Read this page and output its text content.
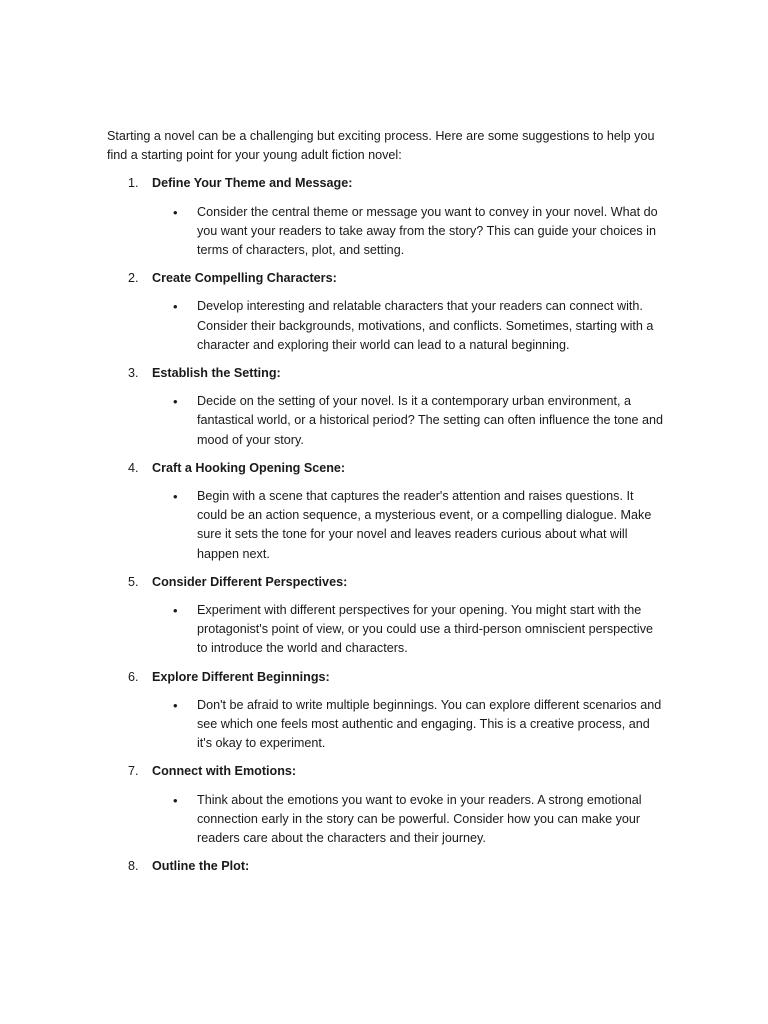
Starting a novel can be a challenging but exciting process. Here are some suggestions to help you find a starting point for your young adult fiction novel:

1. Define Your Theme and Message:
• Consider the central theme or message you want to convey in your novel. What do you want your readers to take away from the story? This can guide your choices in terms of characters, plot, and setting.
2. Create Compelling Characters:
• Develop interesting and relatable characters that your readers can connect with. Consider their backgrounds, motivations, and conflicts. Sometimes, starting with a character and exploring their world can lead to a natural beginning.
3. Establish the Setting:
• Decide on the setting of your novel. Is it a contemporary urban environment, a fantastical world, or a historical period? The setting can often influence the tone and mood of your story.
4. Craft a Hooking Opening Scene:
• Begin with a scene that captures the reader's attention and raises questions. It could be an action sequence, a mysterious event, or a compelling dialogue. Make sure it sets the tone for your novel and leaves readers curious about what will happen next.
5. Consider Different Perspectives:
• Experiment with different perspectives for your opening. You might start with the protagonist's point of view, or you could use a third-person omniscient perspective to introduce the world and characters.
6. Explore Different Beginnings:
• Don't be afraid to write multiple beginnings. You can explore different scenarios and see which one feels most authentic and engaging. This is a creative process, and it's okay to experiment.
7. Connect with Emotions:
• Think about the emotions you want to evoke in your readers. A strong emotional connection early in the story can be powerful. Consider how you can make your readers care about the characters and their journey.
8. Outline the Plot:
